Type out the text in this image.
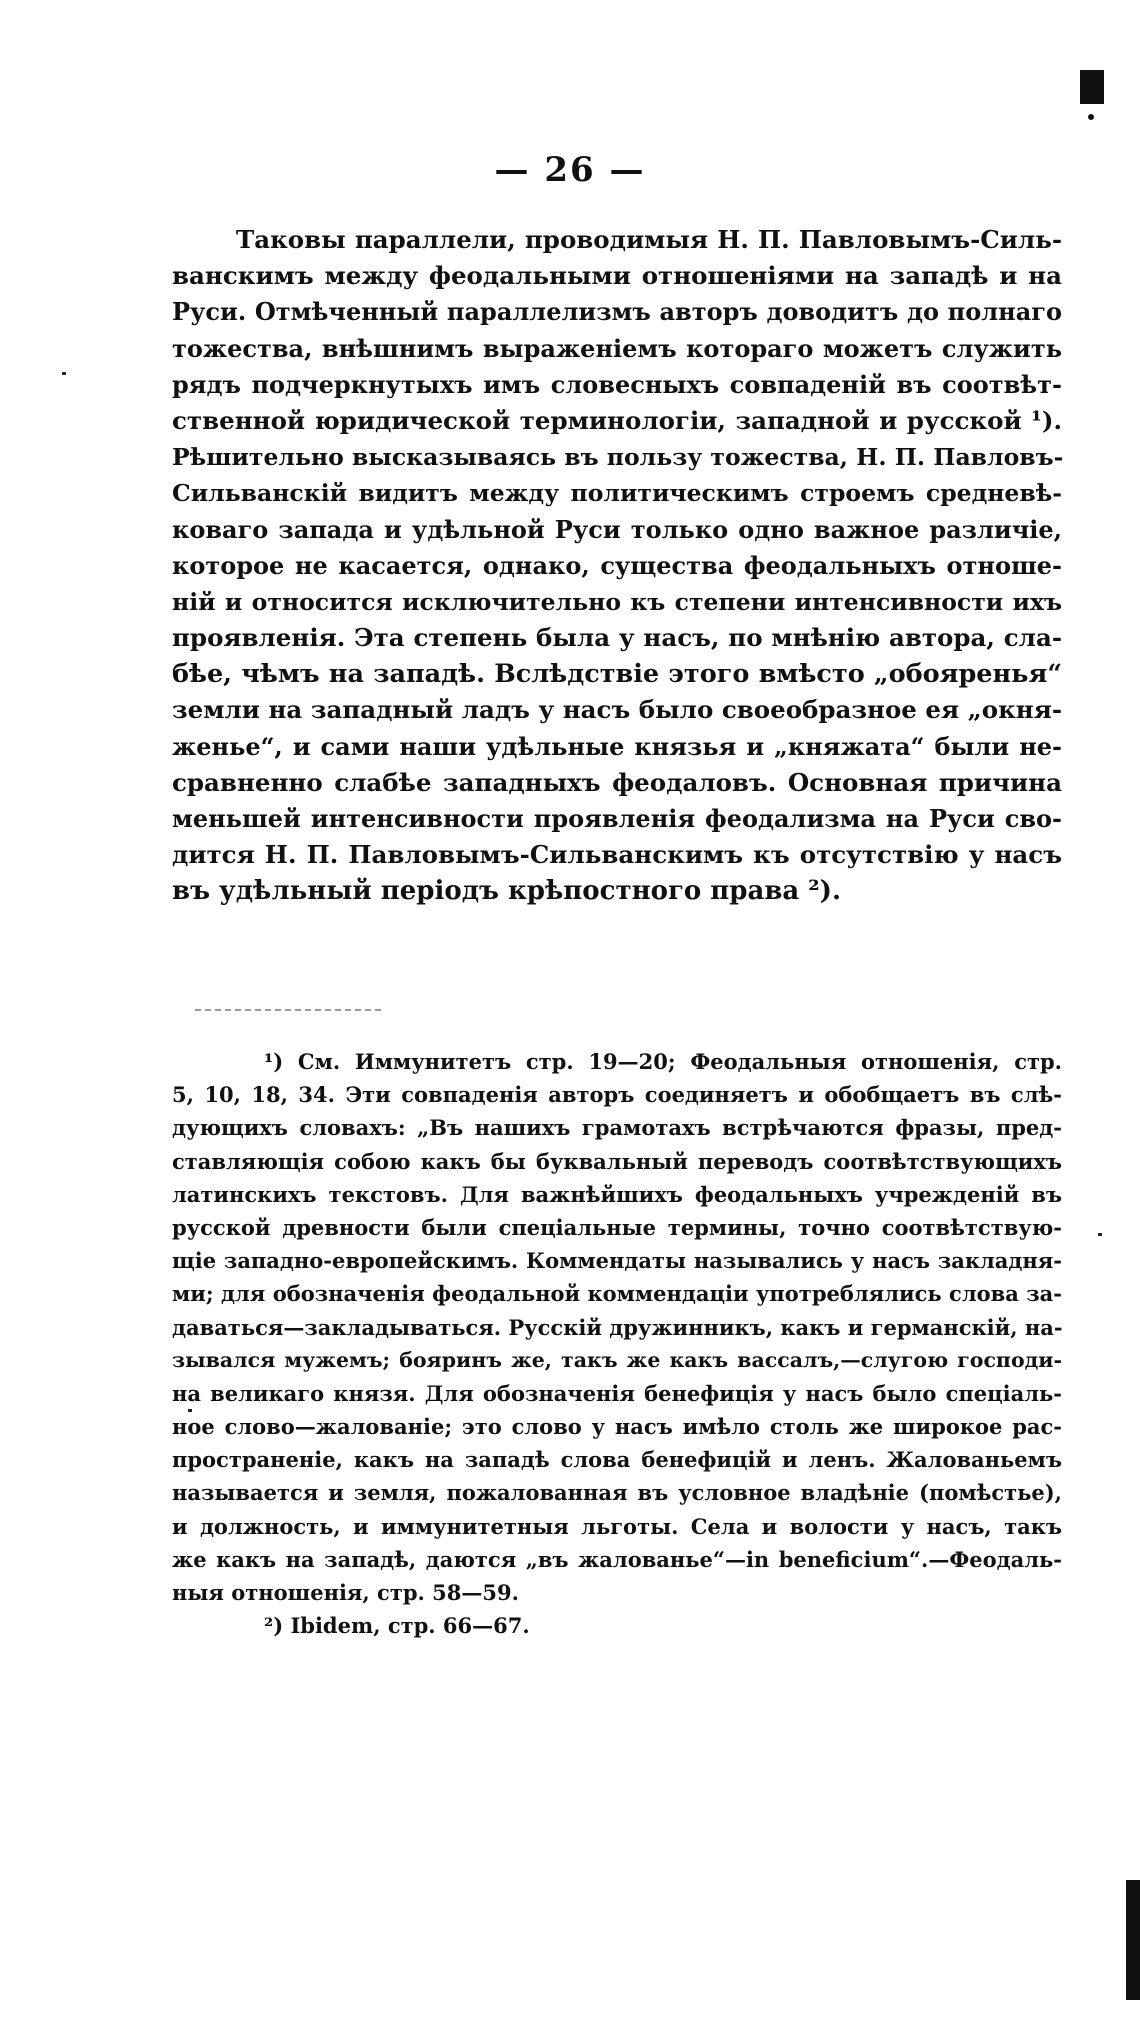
— 26 —
Таковы параллели, проводимыя Н. П. Павловымъ-Силь-
ванскимъ между феодальными отношеніями на западѣ и на
Руси. Отмѣченный параллелизмъ авторъ доводитъ до полнаго
тожества, внѣшнимъ выраженіемъ котораго можетъ служить
рядъ подчеркнутыхъ имъ словесныхъ совпаденій въ соотвѣт-
ственной юридической терминологіи, западной и русской ¹).
Рѣшительно высказываясь въ пользу тожества, Н. П. Павловъ-
Сильванскій видитъ между политическимъ строемъ средневѣ-
коваго запада и удѣльной Руси только одно важное различіе,
которое не касается, однако, существа феодальныхъ отноше-
ній и относится исключительно къ степени интенсивности ихъ
проявленія. Эта степень была у насъ, по мнѣнію автора, сла-
бѣе, чѣмъ на западѣ. Вслѣдствіе этого вмѣсто „обояренья“
земли на западный ладъ у насъ было своеобразное ея „окня-
женье“, и сами наши удѣльные князья и „княжата“ были не-
сравненно слабѣе западныхъ феодаловъ. Основная причина
меньшей интенсивности проявленія феодализма на Руси сво-
дится Н. П. Павловымъ-Сильванскимъ къ отсутствію у насъ
въ удѣльный періодъ крѣпостного права ²).
¹) См. Иммунитетъ стр. 19—20; Феодальныя отношенія, стр.
5, 10, 18, 34. Эти совпаденія авторъ соединяетъ и обобщаетъ въ слѣ-
дующихъ словахъ: „Въ нашихъ грамотахъ встрѣчаются фразы, пред-
ставляющія собою какъ бы буквальный переводъ соотвѣтствующихъ
латинскихъ текстовъ. Для важнѣйшихъ феодальныхъ учрежденій въ
русской древности были спеціальные термины, точно соотвѣтствую-
щіе западно-европейскимъ. Коммендаты назывались у насъ закладня-
ми; для обозначенія феодальной коммендаціи употреблялись слова за-
даваться—закладываться. Русскій дружинникъ, какъ и германскій, на-
зывался мужемъ; бояринъ же, такъ же какъ вассалъ,—слугою господи-
на великаго князя. Для обозначенія бенефиція у насъ было спеціаль-
ное слово—жалованіе; это слово у насъ имѣло столь же широкое рас-
пространеніе, какъ на западѣ слова бенефицій и ленъ. Жалованьемъ
называется и земля, пожалованная въ условное владѣніе (помѣстье),
и должность, и иммунитетныя льготы. Села и волости у насъ, такъ
же какъ на западѣ, даются „въ жалованье“—in beneficium“.—Феодаль-
ныя отношенія, стр. 58—59.
²) Ibidem, стр. 66—67.
